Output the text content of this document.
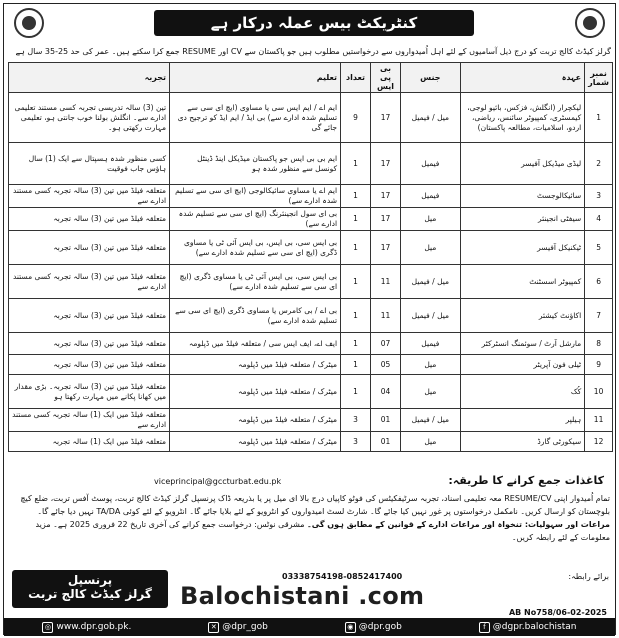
کنٹریکٹ بیس عملہ درکار ہے
گرلز کیڈٹ کالج تربت کو درج ذیل آسامیوں کے لئے اہل اُمیدواروں سے درخواستیں مطلوب ہیں جو پاکستان سے CV اور RESUME جمع کرا سکتے ہیں۔ عمر کی حد 25-35 سال ہے
نمبر شمار	عہدہ	جنس	بی پی ایس	تعداد	تعلیم	تجربہ
1	لیکچرار (انگلش، فزکس، بائیو لوجی، کیمسٹری، کمپیوٹر سائنس، ریاضی، اردو، اسلامیات، مطالعہ پاکستان)	میل / فیمیل	17	9	ایم اے / ایم ایس سی یا مساوی (ایچ ای سی سے تسلیم شدہ ادارے سے) بی ایڈ / ایم ایڈ کو ترجیح دی جائے گی	تین (3) سالہ تدریسی تجربہ کسی مستند تعلیمی ادارے سے۔ انگلش بولنا خوب جانتی ہو، تعلیمی مہارت رکھتی ہو۔
2	لیڈی میڈیکل آفیسر	فیمیل	17	1	ایم بی بی ایس جو پاکستان میڈیکل اینڈ ڈینٹل کونسل سے منظور شدہ ہو	کسی منظور شدہ ہسپتال سے ایک (1) سال ہاؤس جاب فوقیت
3	سائیکالوجسٹ	فیمیل	17	1	ایم اے یا مساوی سائیکالوجی (ایچ ای سی سے تسلیم شدہ ادارے سے)	متعلقہ فیلڈ میں تین (3) سالہ تجربہ کسی مستند ادارے سے
4	سیفٹی انجینئر	میل	17	1	بی ای سول انجینئرنگ (ایچ ای سی سے تسلیم شدہ ادارے سے)	متعلقہ فیلڈ میں تین (3) سالہ تجربہ
5	ٹیکنیکل آفیسر	میل	17	1	بی ایس سی، بی ایس، بی ایس آئی ٹی یا مساوی ڈگری (ایچ ای سی سے تسلیم شدہ ادارے سے)	متعلقہ فیلڈ میں تین (3) سالہ تجربہ
6	کمپیوٹر اسسٹنٹ	میل / فیمیل	11	1	بی ایس سی، بی ایس آئی ٹی یا مساوی ڈگری (ایچ ای سی سے تسلیم شدہ ادارے سے)	متعلقہ فیلڈ میں تین (3) سالہ تجربہ کسی مستند ادارے سے
7	اکاؤنٹ کیشئر	میل / فیمیل	11	1	بی اے / بی کامرس یا مساوی ڈگری (ایچ ای سی سے تسلیم شدہ ادارے سے)	متعلقہ فیلڈ میں تین (3) سالہ تجربہ
8	مارشل آرٹ / سوئمنگ انسٹرکٹر	فیمیل	07	1	ایف اے، ایف ایس سی / متعلقہ فیلڈ میں ڈپلومہ	متعلقہ فیلڈ میں تین (3) سالہ تجربہ
9	ٹیلی فون آپریٹر	میل	05	1	میٹرک / متعلقہ فیلڈ میں ڈپلومہ	متعلقہ فیلڈ میں تین (3) سالہ تجربہ
10	کُک	میل	04	1	میٹرک / متعلقہ فیلڈ میں ڈپلومہ	متعلقہ فیلڈ میں تین (3) سالہ تجربہ۔ بڑی مقدار میں کھانا پکانے میں مہارت رکھتا ہو
11	ہیلپر	میل / فیمیل	01	3	میٹرک / متعلقہ فیلڈ میں ڈپلومہ	متعلقہ فیلڈ میں ایک (1) سالہ تجربہ کسی مستند ادارے سے
12	سیکورٹی گارڈ	میل	01	3	میٹرک / متعلقہ فیلڈ میں ڈپلومہ	متعلقہ فیلڈ میں ایک (1) سالہ تجربہ
کاغذات جمع کرانے کا طریقہ:
viceprincipal@gccturbat.edu.pk
تمام اُمیدوار اپنی RESUME/CV معہ تعلیمی اسناد، تجربہ سرٹیفکیٹس کی فوٹو کاپیاں درج بالا ای میل پر یا بذریعہ ڈاک پرنسپل گرلز کیڈٹ کالج تربت، پوسٹ آفس تربت، ضلع کیچ بلوچستان کو ارسال کریں۔ نامکمل درخواستوں پر غور نہیں کیا جائے گا۔ شارٹ لسٹ امیدواروں کو انٹرویو کے لئے بلایا جائے گا۔ انٹرویو کے لئے کوئی TA/DA نہیں دیا جائے گا۔ مراعات اور سہولیات: تنخواہ اور مراعات ادارے کے قوانین کے مطابق ہوں گی۔ مشرقی نوٹس: درخواست جمع کرانے کی آخری تاریخ 22 فروری 2025 ہے۔ مزید معلومات کے لئے رابطہ کریں۔
برائے رابطہ:
03338754198-0852417400
پرنسپل
گرلز کیڈٹ کالج تربت	Balochistani .com
AB No758/06-02-2025
◎ www.dpr.gob.pk.	✕ @dpr_gob	◉ @dpr.gob	f @dgpr.balochistan
